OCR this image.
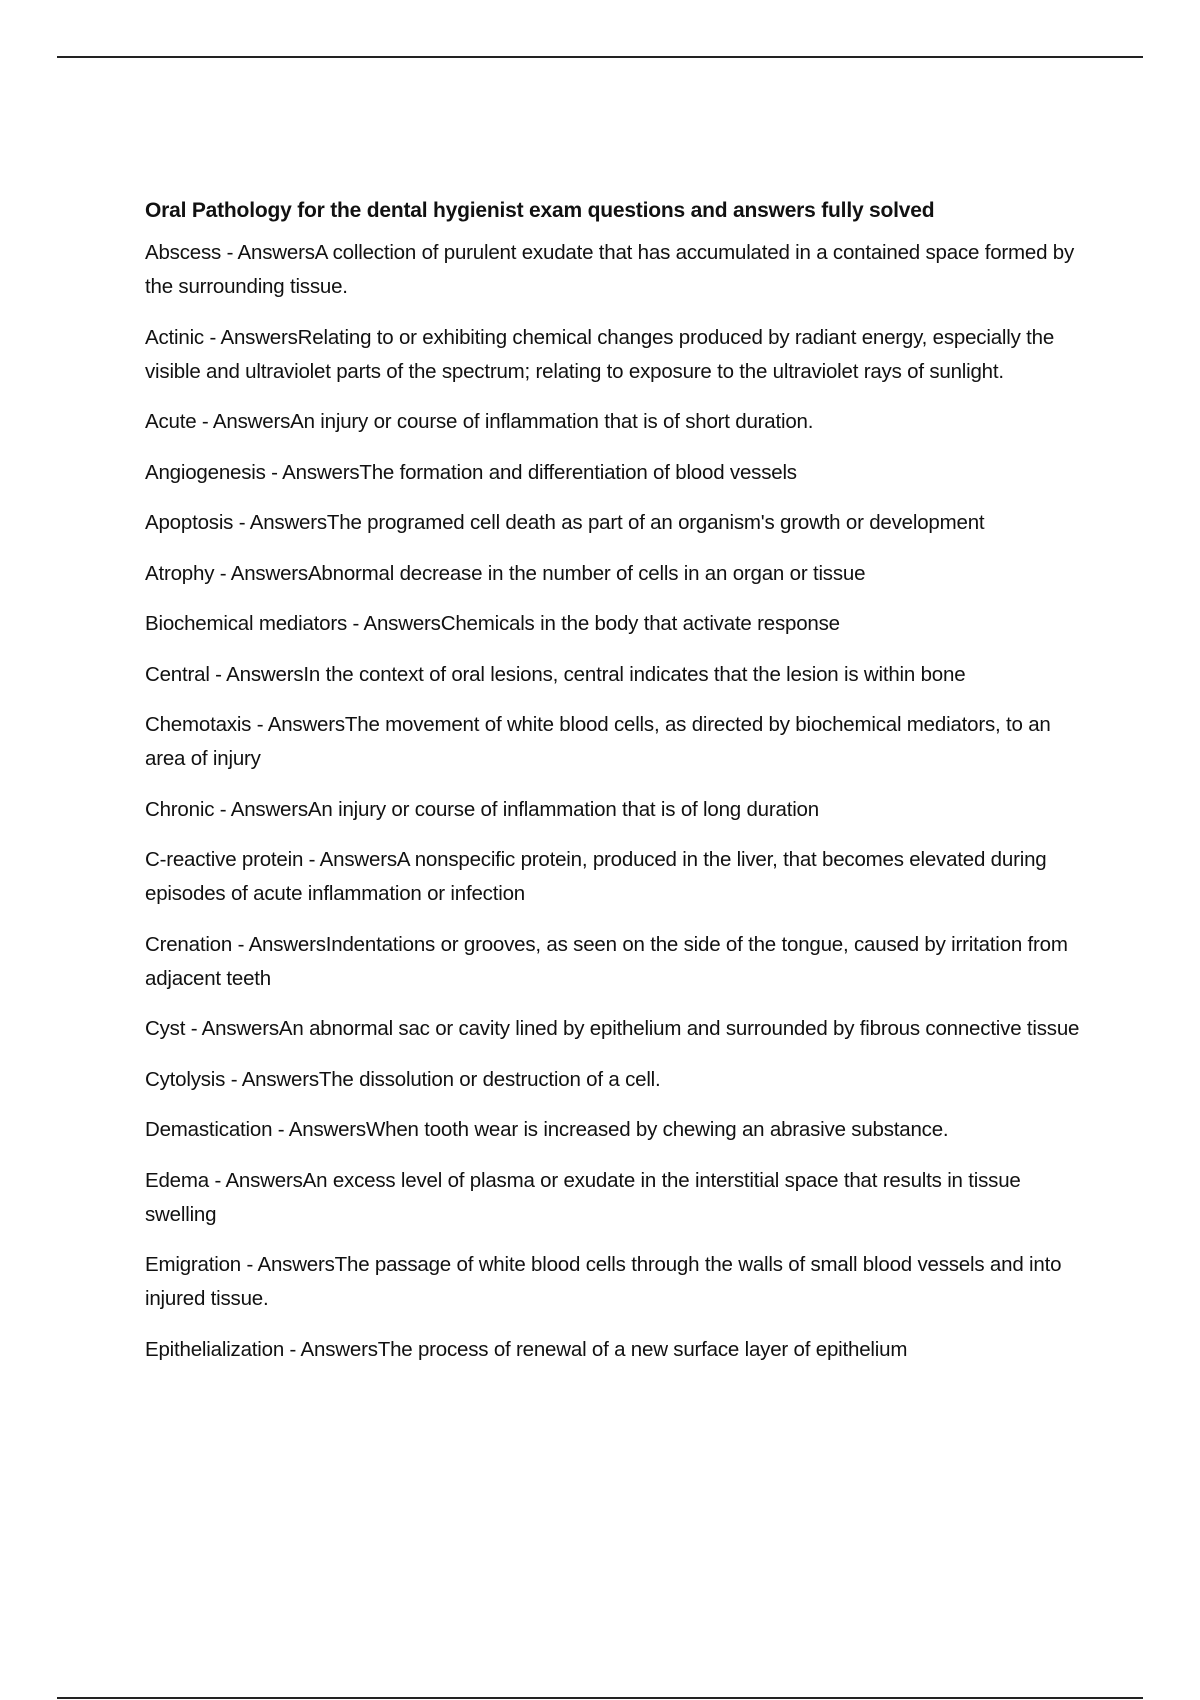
Oral Pathology for the dental hygienist exam questions and answers fully solved
Abscess - AnswersA collection of purulent exudate that has accumulated in a contained space formed by the surrounding tissue.
Actinic - AnswersRelating to or exhibiting chemical changes produced by radiant energy, especially the visible and ultraviolet parts of the spectrum; relating to exposure to the ultraviolet rays of sunlight.
Acute - AnswersAn injury or course of inflammation that is of short duration.
Angiogenesis - AnswersThe formation and differentiation of blood vessels
Apoptosis - AnswersThe programed cell death as part of an organism's growth or development
Atrophy - AnswersAbnormal decrease in the number of cells in an organ or tissue
Biochemical mediators - AnswersChemicals in the body that activate response
Central - AnswersIn the context of oral lesions, central indicates that the lesion is within bone
Chemotaxis - AnswersThe movement of white blood cells, as directed by biochemical mediators, to an area of injury
Chronic - AnswersAn injury or course of inflammation that is of long duration
C-reactive protein - AnswersA nonspecific protein, produced in the liver, that becomes elevated during episodes of acute inflammation or infection
Crenation - AnswersIndentations or grooves, as seen on the side of the tongue, caused by irritation from adjacent teeth
Cyst - AnswersAn abnormal sac or cavity lined by epithelium and surrounded by fibrous connective tissue
Cytolysis - AnswersThe dissolution or destruction of a cell.
Demastication - AnswersWhen tooth wear is increased by chewing an abrasive substance.
Edema - AnswersAn excess level of plasma or exudate in the interstitial space that results in tissue swelling
Emigration - AnswersThe passage of white blood cells through the walls of small blood vessels and into injured tissue.
Epithelialization - AnswersThe process of renewal of a new surface layer of epithelium
